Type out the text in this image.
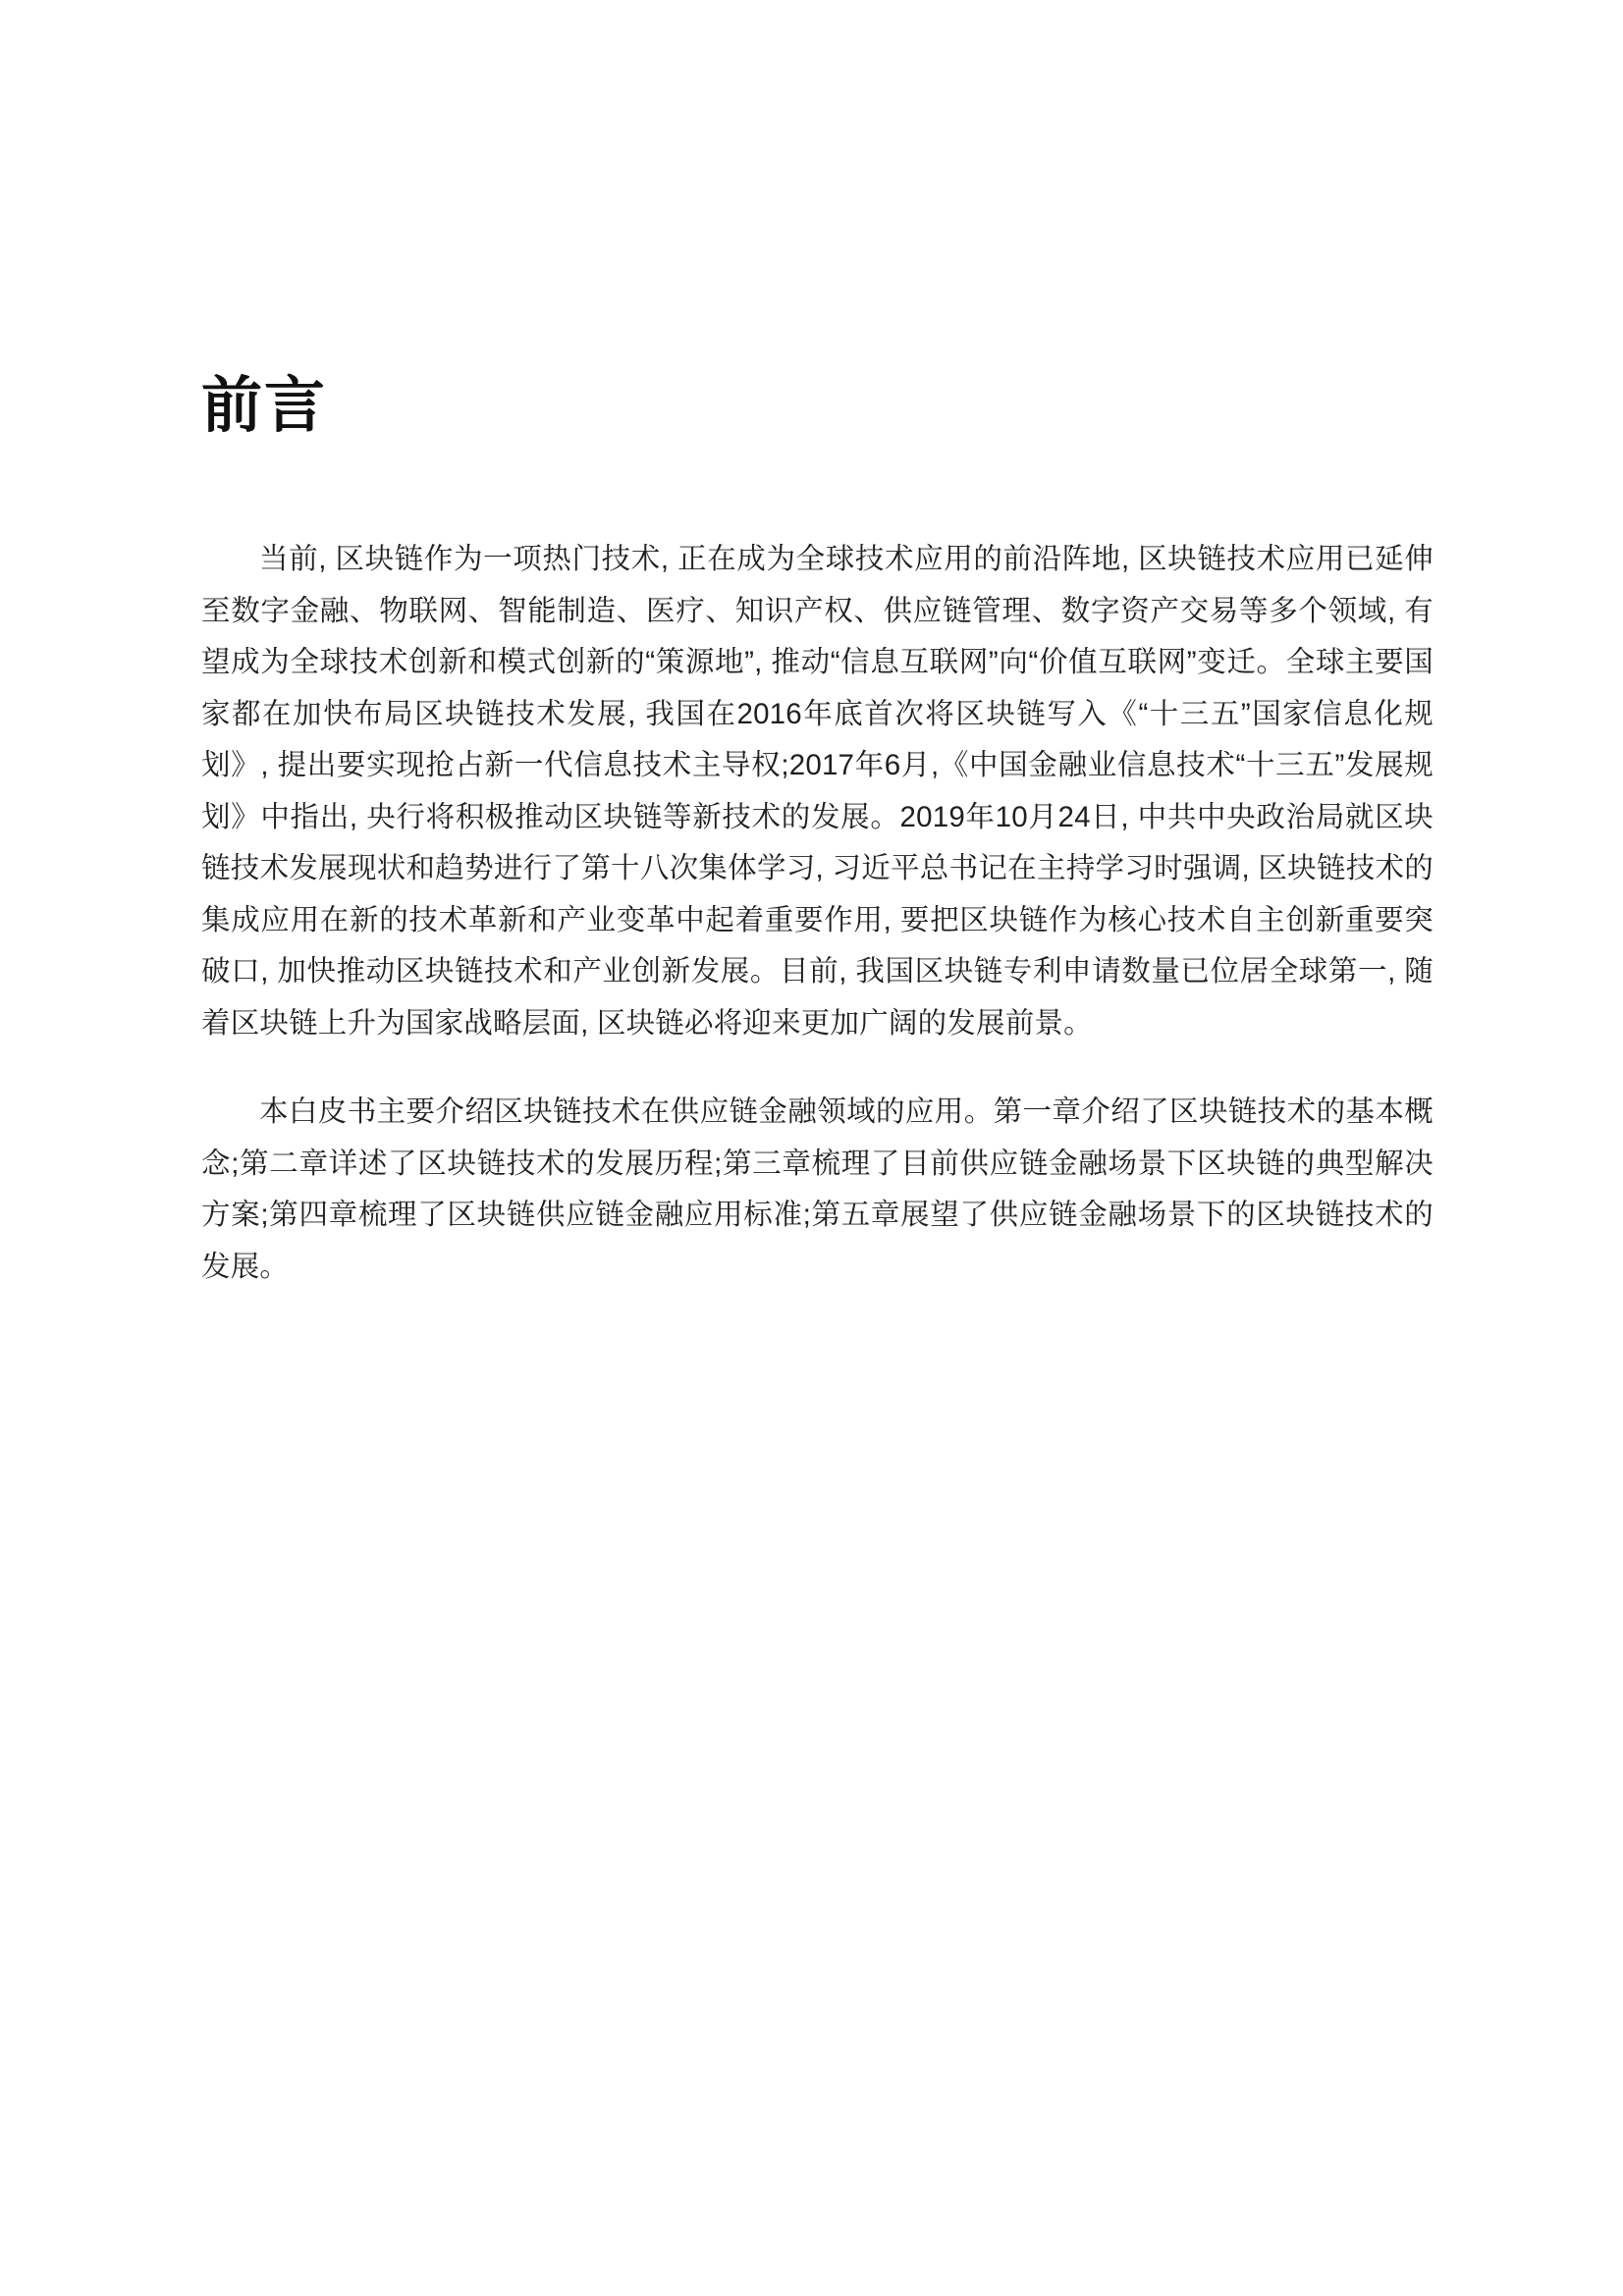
前言

当前, 区块链作为一项热门技术, 正在成为全球技术应用的前沿阵地, 区块链技术应用已延伸至数字金融、物联网、智能制造、医疗、知识产权、供应链管理、数字资产交易等多个领域, 有望成为全球技术创新和模式创新的“策源地”, 推动“信息互联网”向“价值互联网”变迁。全球主要国家都在加快布局区块链技术发展, 我国在2016年底首次将区块链写入《“十三五”国家信息化规划》, 提出要实现抢占新一代信息技术主导权;2017年6月,《中国金融业信息技术“十三五”发展规划》中指出, 央行将积极推动区块链等新技术的发展。2019年10月24日, 中共中央政治局就区块链技术发展现状和趋势进行了第十八次集体学习, 习近平总书记在主持学习时强调, 区块链技术的集成应用在新的技术革新和产业变革中起着重要作用, 要把区块链作为核心技术自主创新重要突破口, 加快推动区块链技术和产业创新发展。目前, 我国区块链专利申请数量已位居全球第一, 随着区块链上升为国家战略层面, 区块链必将迎来更加广阔的发展前景。

本白皮书主要介绍区块链技术在供应链金融领域的应用。第一章介绍了区块链技术的基本概念;第二章详述了区块链技术的发展历程;第三章梳理了目前供应链金融场景下区块链的典型解决方案;第四章梳理了区块链供应链金融应用标准;第五章展望了供应链金融场景下的区块链技术的发展。
